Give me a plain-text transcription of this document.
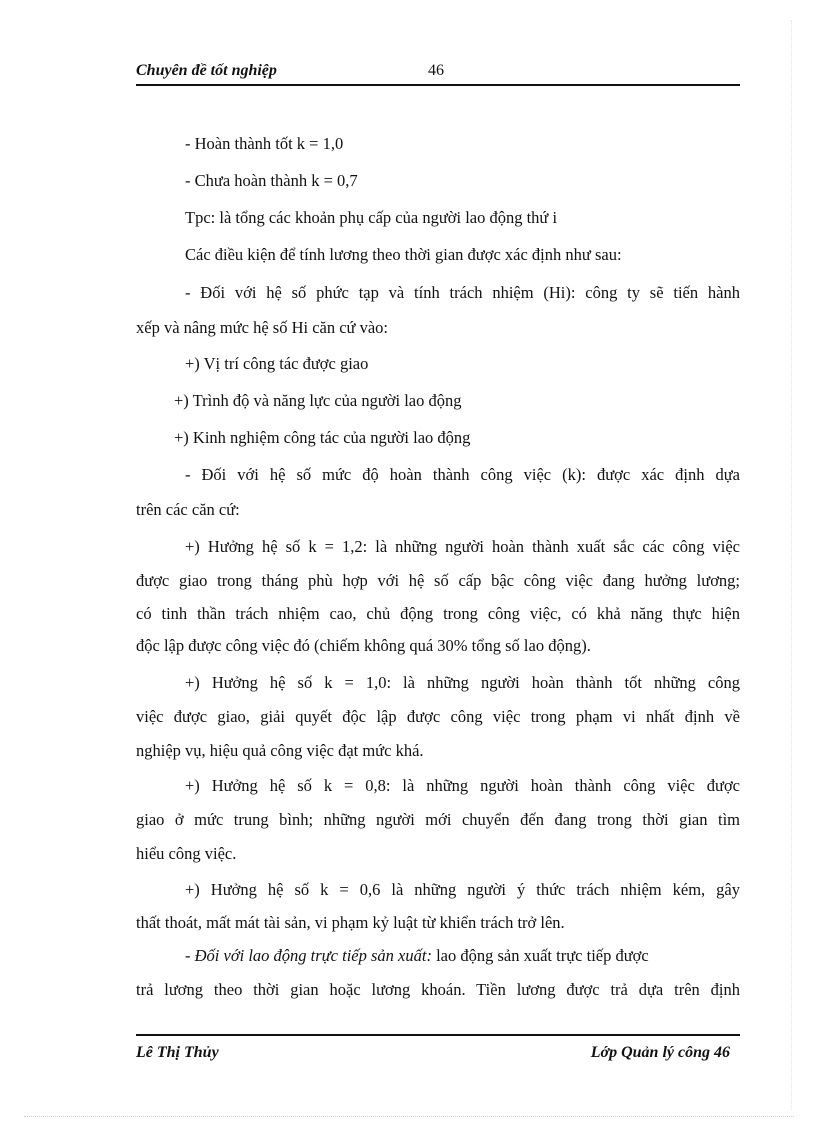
Chuyên đề tốt nghiệp	46
- Hoàn thành tốt k = 1,0
- Chưa hoàn thành k = 0,7
Tpc: là tổng các khoản phụ cấp của người lao động thứ i
Các điều kiện để tính lương theo thời gian được xác định như sau:
- Đối với hệ số phức tạp và tính trách nhiệm (Hi): công ty sẽ tiến hành
xếp và nâng mức hệ số Hi căn cứ vào:
+) Vị trí công tác được giao
+) Trình độ và năng lực của người lao động
+) Kinh nghiệm công tác của người lao động
- Đối với hệ số mức độ hoàn thành công việc (k): được xác định dựa
trên các căn cứ:
+) Hưởng hệ số k = 1,2: là những người hoàn thành xuất sắc các công việc
được giao trong tháng phù hợp với hệ số cấp bậc công việc đang hưởng lương;
có tinh thần trách nhiệm cao, chủ động trong công việc, có khả năng thực hiện
độc lập được công việc đó (chiếm không quá 30% tổng số lao động).
+) Hưởng hệ số k = 1,0: là những người hoàn thành tốt những công
việc được giao, giải quyết độc lập được công việc trong phạm vi nhất định về
nghiệp vụ, hiệu quả công việc đạt mức khá.
+) Hưởng hệ số k = 0,8: là những người hoàn thành công việc được
giao ở mức trung bình; những người mới chuyển đến đang trong thời gian tìm
hiểu công việc.
+) Hưởng hệ số k = 0,6 là những người ý thức trách nhiệm kém, gây
thất thoát, mất mát tài sản, vi phạm kỷ luật từ khiển trách trở lên.
- Đối với lao động trực tiếp sản xuất: lao động sản xuất trực tiếp được
trả lương theo thời gian hoặc lương khoán. Tiền lương được trả dựa trên định
Lê Thị Thủy	Lớp Quản lý công 46
